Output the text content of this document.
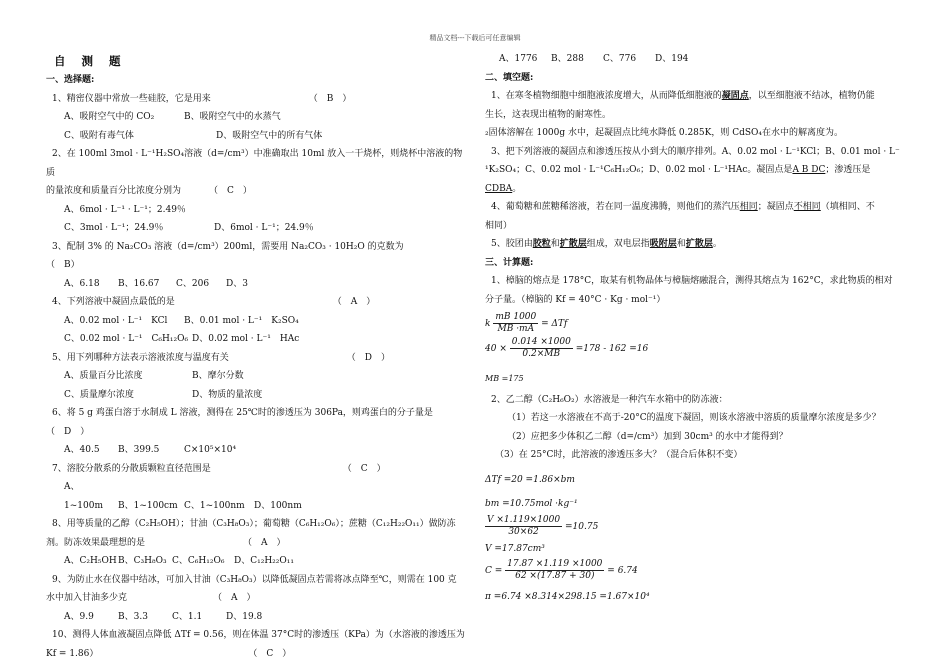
精品文档---下载后可任意编辑
自 测 题
一、选择题:
1、精密仪器中常放一些硅胶，它是用来	（　B　）
A、吸附空气中的 CO₂	B、吸附空气中的水蒸气
C、吸附有毒气体	D、吸附空气中的所有气体
2、在 100ml 3mol · L⁻¹H₂SO₄溶液（d=/cm³）中准确取出 10ml 放入一干烧杯，则烧杯中溶液的物质
的量浓度和质量百分比浓度分别为	（　C　）
A、6mol · L⁻¹ · L⁻¹；2.49％
C、3mol · L⁻¹；24.9％	D、6mol · L⁻¹；24.9％
3、配制 3% 的 Na₂CO₃ 溶液（d=/cm³）200ml，需要用 Na₂CO₃ · 10H₂O 的克数为
（　B）
A、6.18 B、16.67 C、206 D、3
4、下列溶液中凝固点最低的是	（　A　）
A、0.02 mol · L⁻¹　KCl B、0.01 mol · L⁻¹　K₂SO₄
C、0.02 mol · L⁻¹　C₆H₁₂O₆ D、0.02 mol · L⁻¹　HAc
5、用下列哪种方法表示溶液浓度与温度有关	（　D　）
A、质量百分比浓度	B、摩尔分数
C、质量摩尔浓度	D、物质的量浓度
6、将 5 g 鸡蛋白溶于水制成 L 溶液，测得在 25℃时的渗透压为 306Pa，则鸡蛋白的分子量是
（　D　）
A、40.5 B、399.5	C×10⁵×10⁴
7、溶胶分散系的分散质颗粒直径范围是	（　C　）
A、1~100m B、1~100cm C、1~100nm D、100nm
8、用等质量的乙醇（C₂H₅OH）；甘油（C₃H₈O₃）；葡萄糖（C₆H₁₂O₆）；蔗糖（C₁₂H₂₂O₁₁）做防冻
剂。防冻效果最理想的是	（　A　）
A、C₂H₅OHB、C₃H₈O₃ C、C₆H₁₂O₆ D、C₁₂H₂₂O₁₁
9、为防止水在仪器中结冰，可加入甘油（C₃H₈O₃）以降低凝固点若需将冰点降至℃，则需在 100 克
水中加入甘油多少克	（　A　）
A、9.9	B、3.3	C、1.1	D、19.8
10、测得人体血液凝固点降低 ΔTf = 0.56，则在体温 37°C时的渗透压（KPa）为（水溶液的渗透压为
Kf = 1.86）	（　C　）
A、1776 B、288 C、776 D、194
二、填空题:
1、在寒冬植物细胞中细胞液浓度增大，从而降低细胞液的凝固点，以至细胞液不结冰，植物仍能
生长，这表现出植物的耐寒性。
₂固体溶解在 1000g 水中，起凝固点比纯水降低 0.285K，则 CdSO₄在水中的解离度为。
3、把下列溶液的凝固点和渗透压按从小到大的顺序排列。A、0.02 mol · L⁻¹KCl；B、0.01 mol · L⁻
¹K₂SO₄；C、0.02 mol · L⁻¹C₆H₁₂O₆；D、0.02 mol · L⁻¹HAc。凝固点是A B DC；渗透压是CDBA。
4、葡萄糖和蔗糖稀溶液，若在同一温度沸腾，则他们的蒸汽压相同；凝固点不相同（填相同、不
相同）
5、胶团由胶粒和扩散层组成，双电层指吸附层和扩散层。
三、计算题:
1、樟脑的熔点是 178°C，取某有机物晶体与樟脑熔融混合，测得其熔点为 162°C，求此物质的相对
分子量。（樟脑的 Kf = 40°C · Kg · mol⁻¹）
k $\frac{mB 1000}{MB \cdot mA} = \Delta Tf$
$40 \times \frac{0.014 \times 1000}{0.2\times MB} =178 - 162 =16$
MB =175
2、乙二醇（C₂H₆O₂）水溶液是一种汽车水箱中的防冻液：
（1）若这一水溶液在不高于-20°C的温度下凝固，则该水溶液中溶质的质量摩尔浓度是多少？
（2）应把多少体积乙二醇（d=/cm³）加到 30cm³ 的水中才能得到？
（3）在 25°C时，此溶液的渗透压多大？（混合后体积不变）
ΔTf =20 =1.86×bm
bm =10.75mol ·kg⁻¹
$\frac{V \times 1.119\times 1000}{30\times 62} =10.75$
V =17.87cm³
$C = \frac{17.87 \times 1.119 \times 1000}{62 \times(17.87 + 30)} = 6.74$
π =6.74 ×8.314×298.15 =1.67×10⁴
